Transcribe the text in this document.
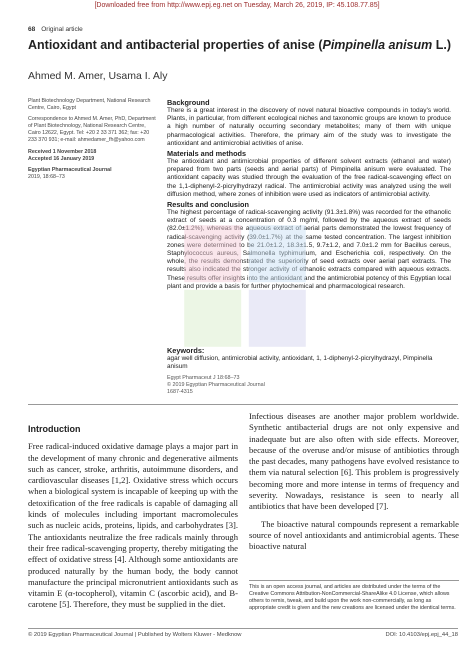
[Downloaded free from http://www.epj.eg.net on Tuesday, March 26, 2019, IP: 45.108.77.85]
68 Original article
Antioxidant and antibacterial properties of anise (Pimpinella anisum L.)
Ahmed M. Amer, Usama I. Aly

Plant Biotechnology Department, National Research Centre, Cairo, Egypt

Correspondence to Ahmed M. Amer, PhD, Department of Plant Biotechnology, National Research Centre, Cairo 12622, Egypt. Tel: +20 2 33 371 362; fax: +20 233 370 931; e-mail: ahmedamer_fh@yahoo.com

Received 1 November 2018
Accepted 16 January 2019

Egyptian Pharmaceutical Journal

2019, 18:68–73

Background

There is a great interest in the discovery of novel natural bioactive compounds in today's world. Plants, in particular, from different ecological niches and taxonomic groups are known to produce a high number of naturally occurring secondary metabolites; many of them with unique pharmacological activities. Therefore, the primary aim of the study was to investigate the antioxidant and antimicrobial activities of anise.

Materials and methods

The antioxidant and antimicrobial properties of different solvent extracts (ethanol and water) prepared from two parts (seeds and aerial parts) of Pimpinella anisum were evaluated. The antioxidant capacity was studied through the evaluation of the free radical-scavenging effect on the 1,1-diphenyl-2-picrylhydrazyl radical. The antimicrobial activity was analyzed using the well diffusion method, where zones of inhibition were used as indicators of antimicrobial activity.

Results and conclusion

The highest percentage of radical-scavenging activity (91.3±1.8%) was recorded for the ethanolic extract of seeds at a concentration of 0.3 mg/ml, followed by the aqueous extract of seeds (82.0±1.2%), whereas the aqueous extract of aerial parts demonstrated the lowest frequency of radical-scavenging activity (39.0±1.7%) at the same tested concentration. The largest inhibition zones were determined to be 21.0±1.2, 18.3±1.5, 9.7±1.2, and 7.0±1.2 mm for Bacillus cereus, Staphylococcus aureus, Salmonella typhimurium, and Escherichia coli, respectively. On the whole, the results demonstrated the superiority of seed extracts over aerial part extracts. The results also indicated the stronger activity of ethanolic extracts compared with aqueous extracts. These results offer insights into the antioxidant and the antimicrobial potency of this Egyptian local plant and provide a basis for further phytochemical and pharmacological research.

Keywords:
agar well diffusion, antimicrobial activity, antioxidant, 1, 1-diphenyl-2-picrylhydrazyl, Pimpinella anisum
Egypt Pharmaceut J 18:68–73
© 2019 Egyptian Pharmaceutical Journal
1687-4315
Introduction
Free radical-induced oxidative damage plays a major part in the development of many chronic and degenerative ailments such as cancer, stroke, arthritis, autoimmune disorders, and cardiovascular diseases [1,2]. Oxidative stress which occurs when a biological system is incapable of keeping up with the detoxification of the free radicals is capable of damaging all kinds of molecules including important macromolecules such as nucleic acids, proteins, lipids, and carbohydrates [3]. The antioxidants neutralize the free radicals mainly through their free radical-scavenging property, thereby mitigating the effect of oxidative stress [4]. Although some antioxidants are produced naturally by the human body, the body cannot manufacture the principal micronutrient antioxidants such as vitamin E (α-tocopherol), vitamin C (ascorbic acid), and B-carotene [5]. Therefore, they must be supplied in the diet.

Infectious diseases are another major problem worldwide. Synthetic antibacterial drugs are not only expensive and inadequate but are also often with side effects. Moreover, because of the overuse and/or misuse of antibiotics through the past decades, many pathogens have evolved resistance to them via natural selection [6]. This problem is progressively becoming more and more intense in terms of frequency and severity. Nowadays, resistance is seen to nearly all antibiotics that have been developed [7].

The bioactive natural compounds represent a remarkable source of novel antioxidants and antimicrobial agents. These bioactive natural

This is an open access journal, and articles are distributed under the terms of the Creative Commons Attribution-NonCommercial-ShareAlike 4.0 License, which allows others to remix, tweak, and build upon the work non-commercially, as long as appropriate credit is given and the new creations are licensed under the identical terms.
© 2019 Egyptian Pharmaceutical Journal | Published by Wolters Kluwer - Medknow	DOI: 10.4103/epj.epj_44_18
